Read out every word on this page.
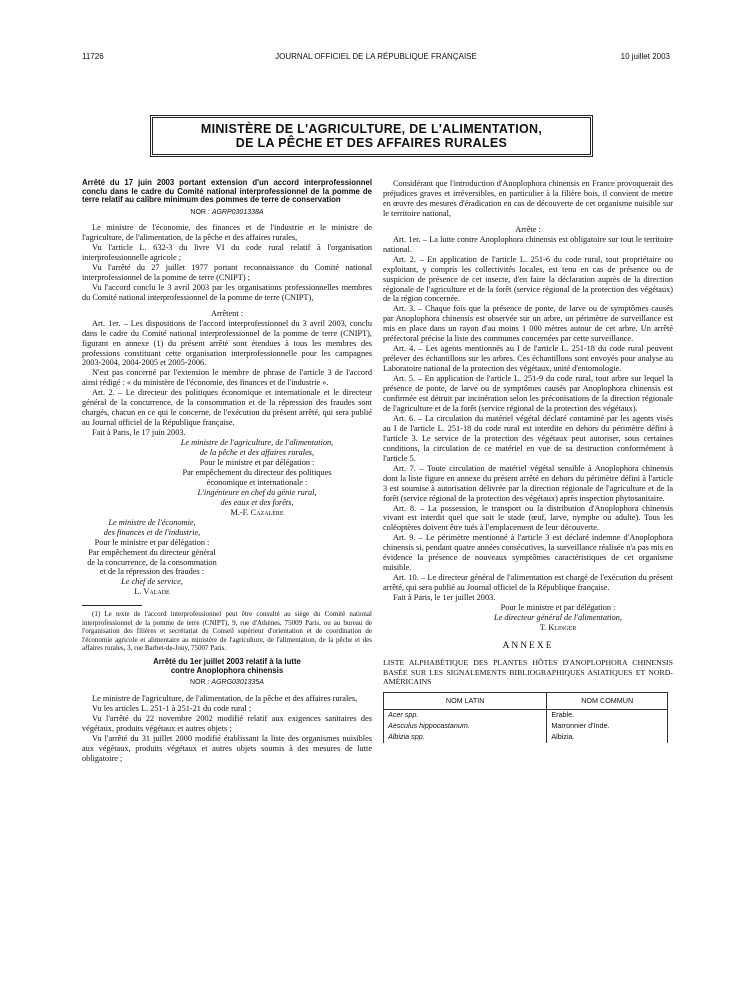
11726	JOURNAL OFFICIEL DE LA RÉPUBLIQUE FRANÇAISE	10 juillet 2003
MINISTÈRE DE L'AGRICULTURE, DE L'ALIMENTATION,
DE LA PÊCHE ET DES AFFAIRES RURALES

Arrêté du 17 juin 2003 portant extension d'un accord interprofessionnel conclu dans le cadre du Comité national interprofessionnel de la pomme de terre relatif au calibre minimum des pommes de terre de conservation

NOR : AGRP0301338A

Le ministre de l'économie, des finances et de l'industrie et le ministre de l'agriculture, de l'alimentation, de la pêche et des affaires rurales,

Vu l'article L. 632-3 du livre VI du code rural relatif à l'organisation interprofessionnelle agricole ;

Vu l'arrêté du 27 juillet 1977 portant reconnaissance du Comité national interprofessionnel de la pomme de terre (CNIPT) ;

Vu l'accord conclu le 3 avril 2003 par les organisations professionnelles membres du Comité national interprofessionnel de la pomme de terre (CNIPT),

Arrêtent :

Art. 1er. – Les dispositions de l'accord interprofessionnel du 3 avril 2003, conclu dans le cadre du Comité national interprofessionnel de la pomme de terre (CNIPT), figurant en annexe (1) du présent arrêté sont étendues à tous les membres des professions constituant cette organisation interprofessionnelle pour les campagnes 2003-2004, 2004-2005 et 2005-2006.

N'est pas concerné par l'extension le membre de phrase de l'article 3 de l'accord ainsi rédigé : « du ministère de l'économie, des finances et de l'industrie ».

Art. 2. – Le directeur des politiques économique et internationale et le directeur général de la concurrence, de la consommation et de la répression des fraudes sont chargés, chacun en ce qui le concerne, de l'exécution du présent arrêté, qui sera publié au Journal officiel de la République française.

Fait à Paris, le 17 juin 2003.

Le ministre de l'agriculture, de l'alimentation,
de la pêche et des affaires rurales,
Pour le ministre et par délégation :
Par empêchement du directeur des politiques
économique et internationale :
L'ingénieure en chef du génie rural,
des eaux et des forêts,
M.-F. Cazalère
Le ministre de l'économie,
des finances et de l'industrie,
Pour le ministre et par délégation :
Par empêchement du directeur général
de la concurrence, de la consommation
et de la répression des fraudes :
Le chef de service,
L. Valade

(1) Le texte de l'accord interprofessionnel peut être consulté au siège du Comité national interprofessionnel de la pomme de terre (CNIPT), 9, rue d'Athènes, 75009 Paris, ou au bureau de l'organisation des filières et secrétariat du Conseil supérieur d'orientation et de coordination de l'économie agricole et alimentaire au ministère de l'agriculture, de l'alimentation, de la pêche et des affaires rurales, 3, rue Barbet-de-Jouy, 75007 Paris.

Arrêté du 1er juillet 2003 relatif à la lutte

contre Anoplophora chinensis

NOR : AGRG0301335A

Le ministre de l'agriculture, de l'alimentation, de la pêche et des affaires rurales,

Vu les articles L. 251-1 à 251-21 du code rural ;

Vu l'arrêté du 22 novembre 2002 modifié relatif aux exigences sanitaires des végétaux, produits végétaux et autres objets ;

Vu l'arrêté du 31 juillet 2000 modifié établissant la liste des organismes nuisibles aux végétaux, produits végétaux et autres objets soumis à des mesures de lutte obligatoire ;

Considérant que l'introduction d'Anoplophora chinensis en France provoquerait des préjudices graves et irréversibles, en particulier à la filière bois, il convient de mettre en œuvre des mesures d'éradication en cas de découverte de cet organisme nuisible sur le territoire national,

Arrête :

Art. 1er. – La lutte contre Anoplophora chinensis est obligatoire sur tout le territoire national.

Art. 2. – En application de l'article L. 251-6 du code rural, tout propriétaire ou exploitant, y compris les collectivités locales, est tenu en cas de présence ou de suspicion de présence de cet insecte, d'en faire la déclaration auprès de la direction régionale de l'agriculture et de la forêt (service régional de la protection des végétaux) de la région concernée.

Art. 3. – Chaque fois que la présence de ponte, de larve ou de symptômes causés par Anoplophora chinensis est observée sur un arbre, un périmètre de surveillance est mis en place dans un rayon d'au moins 1 000 mètres autour de cet arbre. Un arrêté préfectoral précise la liste des communes concernées par cette surveillance.

Art. 4. – Les agents mentionnés au I de l'article L. 251-18 du code rural peuvent prélever des échantillons sur les arbres. Ces échantillons sont envoyés pour analyse au Laboratoire national de la protection des végétaux, unité d'entomologie.

Art. 5. – En application de l'article L. 251-9 du code rural, tout arbre sur lequel la présence de ponte, de larve ou de symptômes causés par Anoplophora chinensis est confirmée est détruit par incinération selon les préconisations de la direction régionale de l'agriculture et de la forêt (service régional de la protection des végétaux).

Art. 6. – La circulation du matériel végétal déclaré contaminé par les agents visés au I de l'article L. 251-18 du code rural est interdite en dehors du périmètre défini à l'article 3. Le service de la protection des végétaux peut autoriser, sous certaines conditions, la circulation de ce matériel en vue de sa destruction conformément à l'article 5.

Art. 7. – Toute circulation de matériel végétal sensible à Anoplophora chinensis dont la liste figure en annexe du présent arrêté en dehors du périmètre défini à l'article 3 est soumise à autorisation délivrée par la direction régionale de l'agriculture et de la forêt (service régional de la protection des végétaux) après inspection phytosanitaire.

Art. 8. – La possession, le transport ou la distribution d'Anoplophora chinensis vivant est interdit quel que soit le stade (œuf, larve, nymphe ou adulte). Tous les coléoptères doivent être tués à l'emplacement de leur découverte.

Art. 9. – Le périmètre mentionné à l'article 3 est déclaré indemne d'Anoplophora chinensis si, pendant quatre années consécutives, la surveillance réalisée n'a pas mis en évidence la présence de nouveaux symptômes caractéristiques de cet organisme nuisible.

Art. 10. – Le directeur général de l'alimentation est chargé de l'exécution du présent arrêté, qui sera publié au Journal officiel de la République française.

Fait à Paris, le 1er juillet 2003.

Pour le ministre et par délégation :
Le directeur général de l'alimentation,
T. Klinger
ANNEXE

LISTE ALPHABÉTIQUE DES PLANTES HÔTES D'ANOPLOPHORA CHINENSIS BASÉE SUR LES SIGNALEMENTS BIBLIOGRAPHIQUES ASIATIQUES ET NORD-AMÉRICAINS

NOM LATIN	NOM COMMUN
Acer spp.	Erable.
Aesculus hippocastanum.	Marronnier d'Inde.
Albizia spp.	Albizia.
